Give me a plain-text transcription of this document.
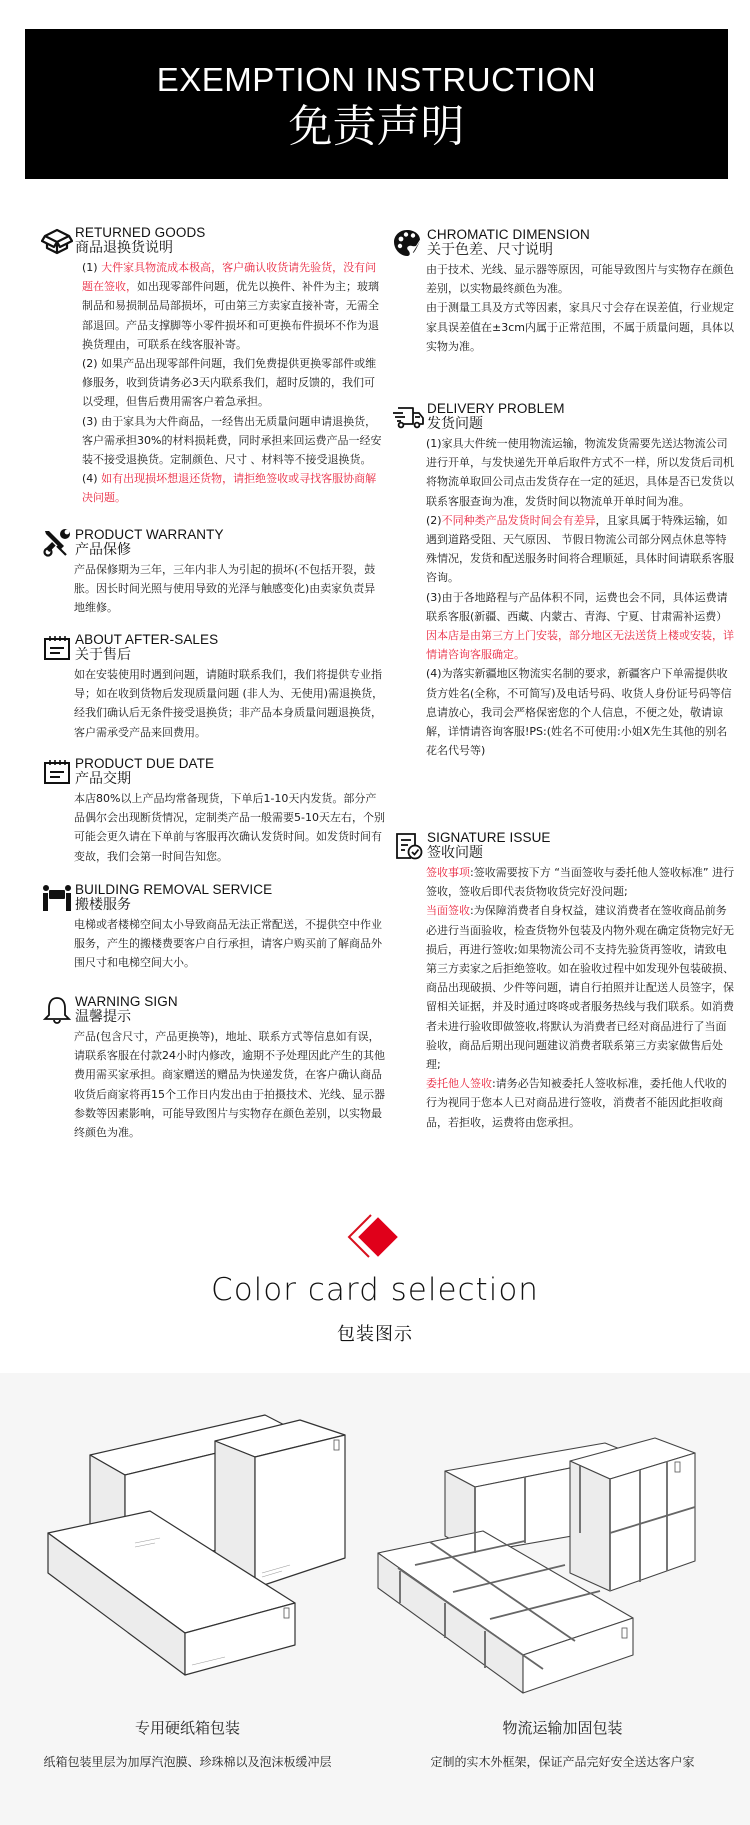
EXEMPTION INSTRUCTION
免责声明
RETURNED GOODS
商品退换货说明

(1) 大件家具物流成本极高，客户确认收货请先验货，没有问题在签收，如出现零部件问题，优先以换件、补件为主；玻璃制品和易损制品局部损坏，可由第三方卖家直接补寄，无需全部退回。产品支撑脚等小零件损坏和可更换布件损坏不作为退换货理由，可联系在线客服补寄。

(2) 如果产品出现零部件问题，我们免费提供更换零部件或维修服务，收到货请务必3天内联系我们，超时反馈的，我们可以受理，但售后费用需客户着急承担。

(3) 由于家具为大件商品，一经售出无质量问题申请退换货，客户需承担30%的材料损耗费，同时承担来回运费产品一经安装不接受退换货。定制颜色、尺寸 、材料等不接受退换货。

(4) 如有出现损坏想退还货物，请拒绝签收或寻找客服协商解决问题。

PRODUCT WARRANTY
产品保修

产品保修期为三年，三年内非人为引起的损坏(不包括开裂，鼓胀。因长时间光照与使用导致的光泽与触感变化)由卖家负责异地维修。

ABOUT AFTER-SALES
关于售后

如在安装使用时遇到问题，请随时联系我们，我们将提供专业指导；如在收到货物后发现质量问题 (非人为、无使用)需退换货，经我们确认后无条件接受退换货；非产品本身质量问题退换货，客户需承受产品来回费用。

PRODUCT DUE DATE
产品交期

本店80%以上产品均常备现货，下单后1-10天内发货。部分产品偶尔会出现断货情况，定制类产品一般需要5-10天左右，个别可能会更久请在下单前与客服再次确认发货时间。如发货时间有变故，我们会第一时间告知您。

BUILDING REMOVAL SERVICE
搬楼服务

电梯或者楼梯空间太小导致商品无法正常配送，不提供空中作业服务，产生的搬楼费要客户自行承担，请客户购买前了解商品外围尺寸和电梯空间大小。

WARNING SIGN
温馨提示

产品(包含尺寸，产品更换等)，地址、联系方式等信息如有误，请联系客服在付款24小时内修改，逾期不予处理因此产生的其他费用需买家承担。商家赠送的赠品为快递发货，在客户确认商品收货后商家将再15个工作日内发出由于拍摄技术、光线、显示器参数等因素影响，可能导致图片与实物存在颜色差别，以实物最终颜色为准。

CHROMATIC DIMENSION
关于色差、尺寸说明

由于技术、光线、显示器等原因，可能导致图片与实物存在颜色差别，以实物最终颜色为准。

由于测量工具及方式等因素，家具尺寸会存在误差值，行业规定家具误差值在±3cm内属于正常范围，不属于质量问题，具体以实物为准。

DELIVERY PROBLEM
发货问题

(1)家具大件统一使用物流运输，物流发货需要先送达物流公司进行开单，与发快递先开单后取件方式不一样，所以发货后司机将物流单取回公司点击发货存在一定的延迟，具体是否已发货以联系客服查询为准，发货时间以物流单开单时间为准。

(2)不同种类产品发货时间会有差异，且家具属于特殊运输，如遇到道路受阻、天气原因、 节假日物流公司部分网点休息等特殊情况，发货和配送服务时间将合理顺延，具体时间请联系客服咨询。

(3)由于各地路程与产品体积不同，运费也会不同，具体运费请联系客服(新疆、西藏、内蒙古、青海、宁夏、甘肃需补运费）因本店是由第三方上门安装，部分地区无法送货上楼或安装，详情请咨询客服确定。

(4)为落实新疆地区物流实名制的要求，新疆客户下单需提供收货方姓名(全称，不可简写)及电话号码、收货人身份证号码等信息请放心，我司会严格保密您的个人信息，不便之处，敬请谅解，详情请咨询客服!PS:(姓名不可使用:小姐X先生其他的别名花名代号等)

SIGNATURE ISSUE
签收问题

签收事项:签收需要按下方 “当面签收与委托他人签收标准” 进行签收，签收后即代表货物收货完好没问题;

当面签收:为保障消费者自身权益，建议消费者在签收商品前务必进行当面验收，检查货物外包装及内物外观在确定货物完好无损后，再进行签收;如果物流公司不支持先验货再签收，请致电第三方卖家之后拒绝签收。如在验收过程中如发现外包装破损、商品出现破损、少件等问题，请自行拍照并让配送人员签字，保留相关证据，并及时通过咚咚或者服务热线与我们联系。如消费者未进行验收即做签收,将默认为消费者已经对商品进行了当面验收，商品后期出现问题建议消费者联系第三方卖家做售后处理;

委托他人签收:请务必告知被委托人签收标准，委托他人代收的行为视同于您本人已对商品进行签收，消费者不能因此拒收商品，若拒收，运费将由您承担。

Color card selection
包装图示
专用硬纸箱包装
纸箱包装里层为加厚汽泡膜、珍珠棉以及泡沫板缓冲层
物流运输加固包装
定制的实木外框架，保证产品完好安全送达客户家
